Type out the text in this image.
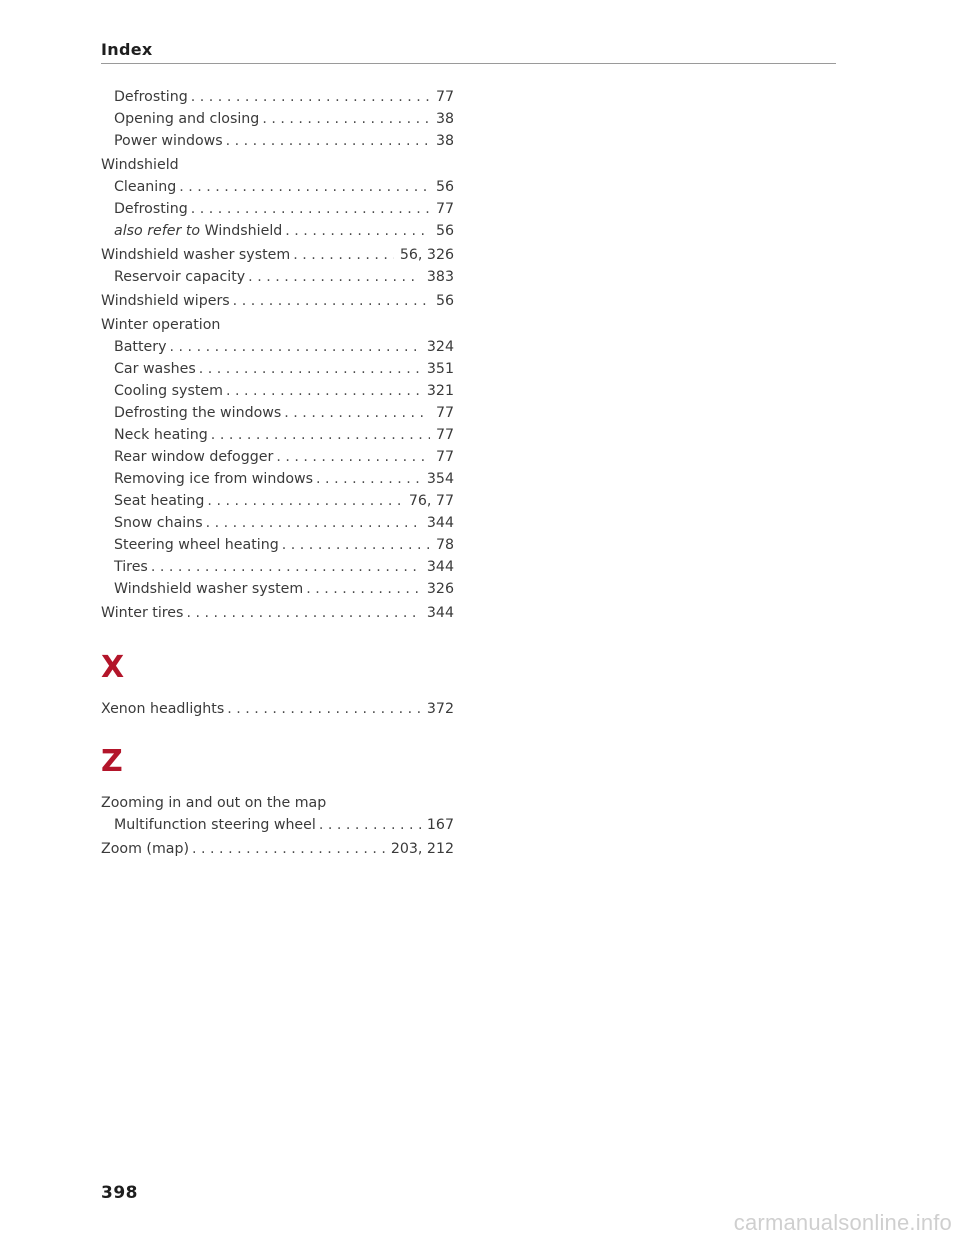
Index
Defrosting . . .	77
Opening and closing . . .	38
Power windows . . .	38
Windshield
Cleaning . . .	56
Defrosting . . .	77
also refer to Windshield . . .	56
Windshield washer system . . .	56, 326
Reservoir capacity . . .	383
Windshield wipers . . .	56
Winter operation
Battery . . .	324
Car washes . . .	351
Cooling system . . .	321
Defrosting the windows . . .	77
Neck heating . . .	77
Rear window defogger . . .	77
Removing ice from windows . . .	354
Seat heating . . .	76, 77
Snow chains . . .	344
Steering wheel heating . . .	78
Tires . . .	344
Windshield washer system . . .	326
Winter tires . . .	344
X
Xenon headlights . . .	372
Z
Zooming in and out on the map
Multifunction steering wheel . . .	167
Zoom (map) . . .	203, 212
398
carmanualsonline.info
